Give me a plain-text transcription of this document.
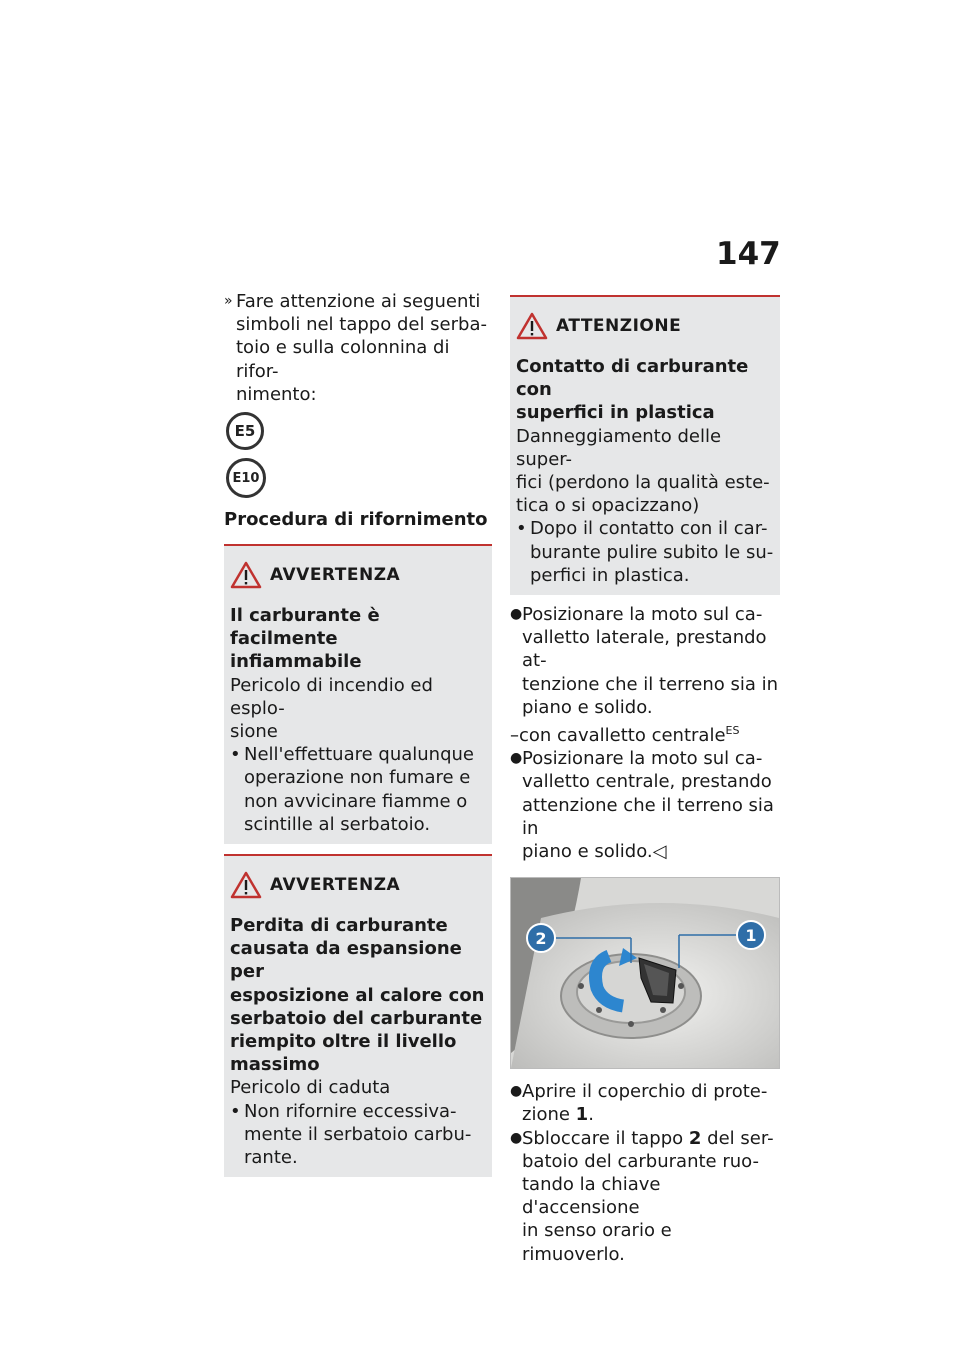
147
» Fare attenzione ai seguenti
simboli nel tappo del serba-
toio e sulla colonnina di rifor-
nimento:
E5
E10
Procedura di rifornimento
AVVERTENZA
Il carburante è facilmente
infiammabile
Pericolo di incendio ed esplo-
sione
• Nell'effettuare qualunque
operazione non fumare e
non avvicinare fiamme o
scintille al serbatoio.
AVVERTENZA
Perdita di carburante
causata da espansione per
esposizione al calore con
serbatoio del carburante
riempito oltre il livello
massimo
Pericolo di caduta
• Non rifornire eccessiva-
mente il serbatoio carbu-
rante.
ATTENZIONE
Contatto di carburante con
superfici in plastica
Danneggiamento delle super-
fici (perdono la qualità este-
tica o si opacizzano)
• Dopo il contatto con il car-
burante pulire subito le su-
perfici in plastica.
● Posizionare la moto sul ca-
valletto laterale, prestando at-
tenzione che il terreno sia in
piano e solido.
–con cavalletto centrale$^{ES}$
● Posizionare la moto sul ca-
valletto centrale, prestando
attenzione che il terreno sia in
piano e solido.◁
2	1
● Aprire il coperchio di prote-
zione 1.
● Sbloccare il tappo 2 del ser-
batoio del carburante ruo-
tando la chiave d'accensione
in senso orario e rimuoverlo.
